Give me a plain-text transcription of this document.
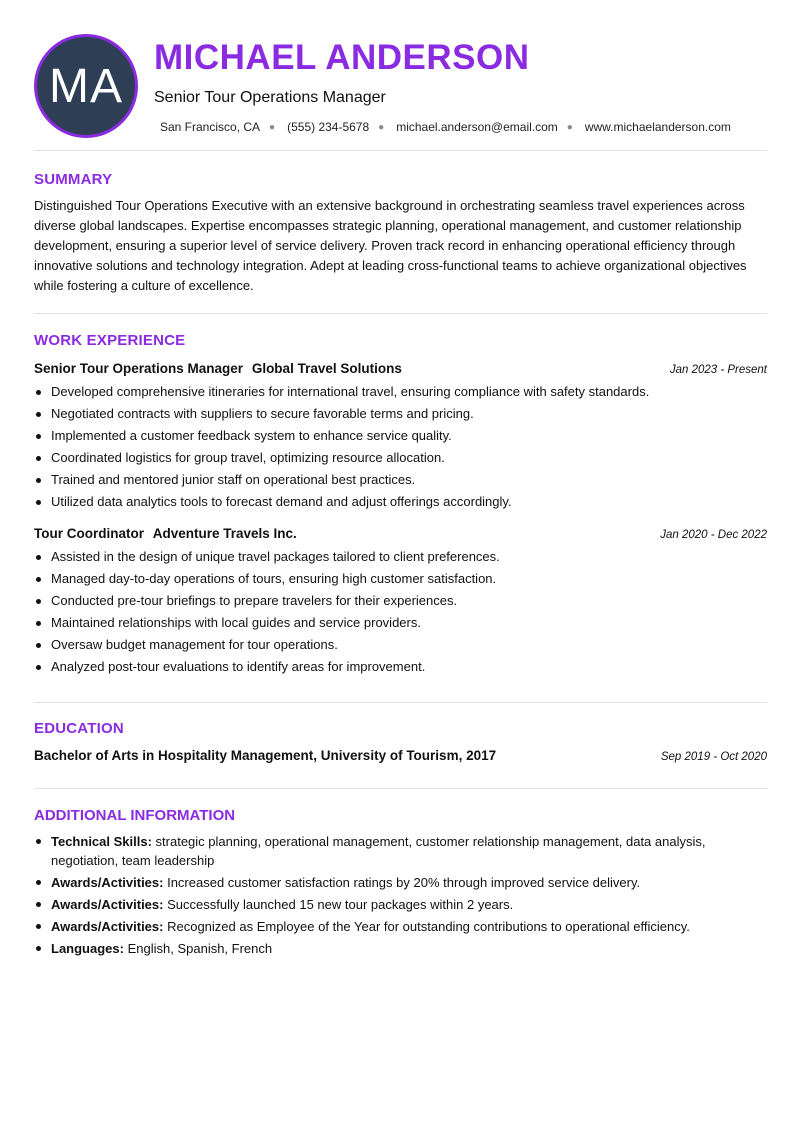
MA
MICHAEL ANDERSON
Senior Tour Operations Manager
San Francisco, CA ● (555) 234-5678 ● michael.anderson@email.com ● www.michaelanderson.com
SUMMARY
Distinguished Tour Operations Executive with an extensive background in orchestrating seamless travel experiences across diverse global landscapes. Expertise encompasses strategic planning, operational management, and customer relationship development, ensuring a superior level of service delivery. Proven track record in enhancing operational efficiency through innovative solutions and technology integration. Adept at leading cross-functional teams to achieve organizational objectives while fostering a culture of excellence.
WORK EXPERIENCE
Senior Tour Operations Manager Global Travel Solutions	Jan 2023 - Present
Developed comprehensive itineraries for international travel, ensuring compliance with safety standards.
Negotiated contracts with suppliers to secure favorable terms and pricing.
Implemented a customer feedback system to enhance service quality.
Coordinated logistics for group travel, optimizing resource allocation.
Trained and mentored junior staff on operational best practices.
Utilized data analytics tools to forecast demand and adjust offerings accordingly.
Tour Coordinator Adventure Travels Inc.	Jan 2020 - Dec 2022
Assisted in the design of unique travel packages tailored to client preferences.
Managed day-to-day operations of tours, ensuring high customer satisfaction.
Conducted pre-tour briefings to prepare travelers for their experiences.
Maintained relationships with local guides and service providers.
Oversaw budget management for tour operations.
Analyzed post-tour evaluations to identify areas for improvement.
EDUCATION
Bachelor of Arts in Hospitality Management, University of Tourism, 2017	Sep 2019 - Oct 2020
ADDITIONAL INFORMATION
Technical Skills: strategic planning, operational management, customer relationship management, data analysis, negotiation, team leadership
Awards/Activities: Increased customer satisfaction ratings by 20% through improved service delivery.
Awards/Activities: Successfully launched 15 new tour packages within 2 years.
Awards/Activities: Recognized as Employee of the Year for outstanding contributions to operational efficiency.
Languages: English, Spanish, French
